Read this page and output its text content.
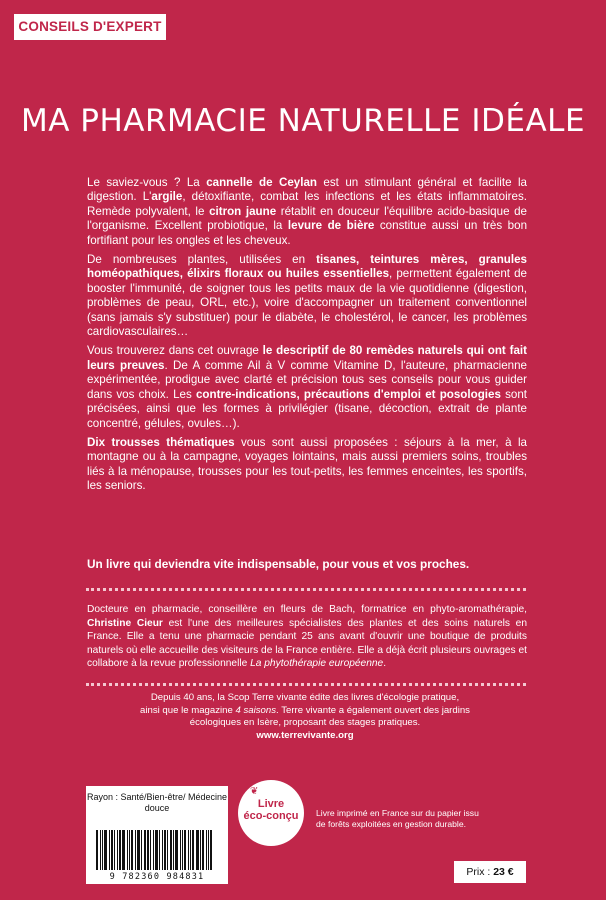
CONSEILS D'EXPERT
MA PHARMACIE NATURELLE IDÉALE

Le saviez-vous ? La cannelle de Ceylan est un stimulant général et facilite la digestion. L'argile, détoxifiante, combat les infections et les états inflammatoires. Remède polyvalent, le citron jaune rétablit en douceur l'équilibre acido-basique de l'organisme. Excellent probiotique, la levure de bière constitue aussi un très bon fortifiant pour les ongles et les cheveux.

De nombreuses plantes, utilisées en tisanes, teintures mères, granules homéopathiques, élixirs floraux ou huiles essentielles, permettent également de booster l'immunité, de soigner tous les petits maux de la vie quotidienne (digestion, problèmes de peau, ORL, etc.), voire d'accompagner un traitement conventionnel (sans jamais s'y substituer) pour le diabète, le cholestérol, le cancer, les problèmes cardiovasculaires…

Vous trouverez dans cet ouvrage le descriptif de 80 remèdes naturels qui ont fait leurs preuves. De A comme Ail à V comme Vitamine D, l'auteure, pharmacienne expérimentée, prodigue avec clarté et précision tous ses conseils pour vous guider dans vos choix. Les contre-indications, précautions d'emploi et posologies sont précisées, ainsi que les formes à privilégier (tisane, décoction, extrait de plante concentré, gélules, ovules…).

Dix trousses thématiques vous sont aussi proposées : séjours à la mer, à la montagne ou à la campagne, voyages lointains, mais aussi premiers soins, troubles liés à la ménopause, trousses pour les tout-petits, les femmes enceintes, les sportifs, les seniors.

Un livre qui deviendra vite indispensable, pour vous et vos proches.

Docteure en pharmacie, conseillère en fleurs de Bach, formatrice en phyto-aromathérapie, Christine Cieur est l'une des meilleures spécialistes des plantes et des soins naturels en France. Elle a tenu une pharmacie pendant 25 ans avant d'ouvrir une boutique de produits naturels où elle accueille des visiteurs de la France entière. Elle a déjà écrit plusieurs ouvrages et collabore à la revue professionnelle La phytothérapie européenne.

Depuis 40 ans, la Scop Terre vivante édite des livres d'écologie pratique, ainsi que le magazine 4 saisons. Terre vivante a également ouvert des jardins écologiques en Isère, proposant des stages pratiques.

www.terrevivante.org

Rayon : Santé/Bien-être/ Médecine douce
9 782360 984831
❦
Livre
éco-conçu	Livre imprimé en France sur du papier issu de forêts exploitées en gestion durable.
Prix : 23 €
